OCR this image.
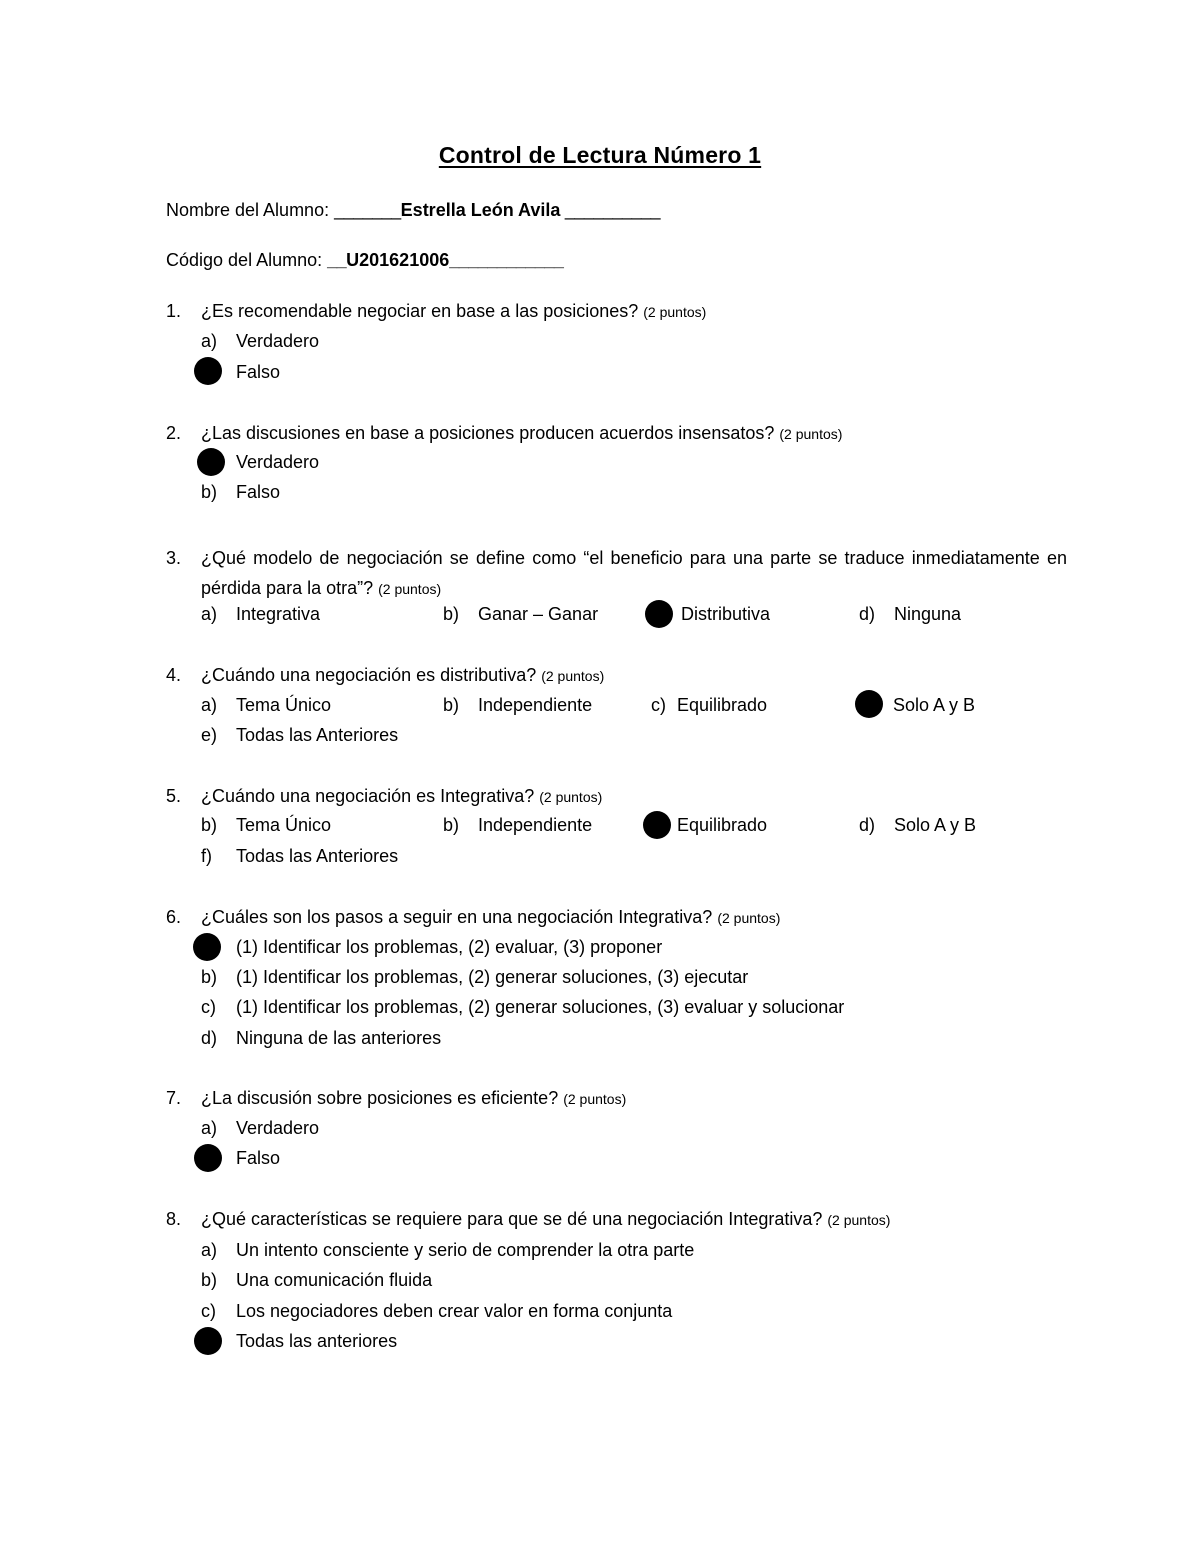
Control de Lectura Número 1
Nombre del Alumno: _______Estrella León Avila __________
Código del Alumno: __U201621006____________
1. ¿Es recomendable negociar en base a las posiciones? (2 puntos)
a) Verdadero
Falso
2. ¿Las discusiones en base a posiciones producen acuerdos insensatos? (2 puntos)
Verdadero
b) Falso
3. ¿Qué modelo de negociación se define como “el beneficio para una parte se traduce inmediatamente en pérdida para la otra”? (2 puntos)
a) Integrativa	b) Ganar – Ganar	Distributiva	d) Ninguna
4. ¿Cuándo una negociación es distributiva? (2 puntos)
a) Tema Único	b) Independiente	c) Equilibrado	Solo A y B
e) Todas las Anteriores
5. ¿Cuándo una negociación es Integrativa? (2 puntos)
b) Tema Único	b) Independiente	Equilibrado	d) Solo A y B
f) Todas las Anteriores
6. ¿Cuáles son los pasos a seguir en una negociación Integrativa? (2 puntos)
(1) Identificar los problemas, (2) evaluar, (3) proponer
b) (1) Identificar los problemas, (2) generar soluciones, (3) ejecutar
c) (1) Identificar los problemas, (2) generar soluciones, (3) evaluar y solucionar
d) Ninguna de las anteriores
7. ¿La discusión sobre posiciones es eficiente? (2 puntos)
a) Verdadero
Falso
8. ¿Qué características se requiere para que se dé una negociación Integrativa? (2 puntos)
a) Un intento consciente y serio de comprender la otra parte
b) Una comunicación fluida
c) Los negociadores deben crear valor en forma conjunta
Todas las anteriores
